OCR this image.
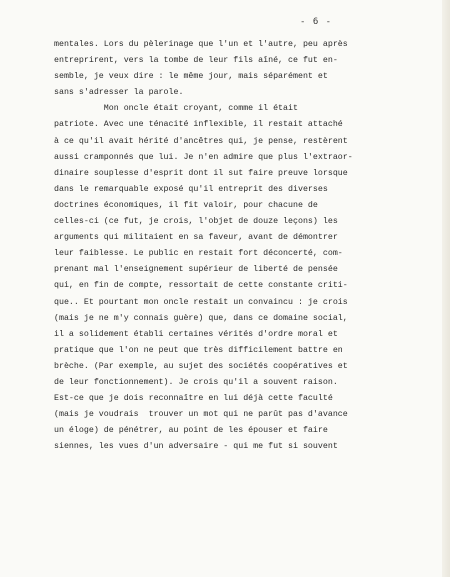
- 6 -
mentales. Lors du pèlerinage que l'un et l'autre, peu après
entreprirent, vers la tombe de leur fils aîné, ce fut en-
semble, je veux dire : le même jour, mais séparément et
sans s'adresser la parole.
Mon oncle était croyant, comme il était
patriote. Avec une ténacité inflexible, il restait attaché
à ce qu'il avait hérité d'ancêtres qui, je pense, restèrent
aussi cramponnés que lui. Je n'en admire que plus l'extraor-
dinaire souplesse d'esprit dont il sut faire preuve lorsque
dans le remarquable exposé qu'il entreprit des diverses
doctrines économiques, il fit valoir, pour chacune de
celles-ci (ce fut, je crois, l'objet de douze leçons) les
arguments qui militaient en sa faveur, avant de démontrer
leur faiblesse. Le public en restait fort déconcerté, com-
prenant mal l'enseignement supérieur de liberté de pensée
qui, en fin de compte, ressortait de cette constante criti-
que.. Et pourtant mon oncle restait un convaincu : je crois
(mais je ne m'y connais guère) que, dans ce domaine social,
il a solidement établi certaines vérités d'ordre moral et
pratique que l'on ne peut que très difficilement battre en
brèche. (Par exemple, au sujet des sociétés coopératives et
de leur fonctionnement). Je crois qu'il a souvent raison.
Est-ce que je dois reconnaître en lui déjà cette faculté
(mais je voudrais  trouver un mot qui ne parût pas d'avance
un éloge) de pénétrer, au point de les épouser et faire
siennes, les vues d'un adversaire - qui me fut si souvent
